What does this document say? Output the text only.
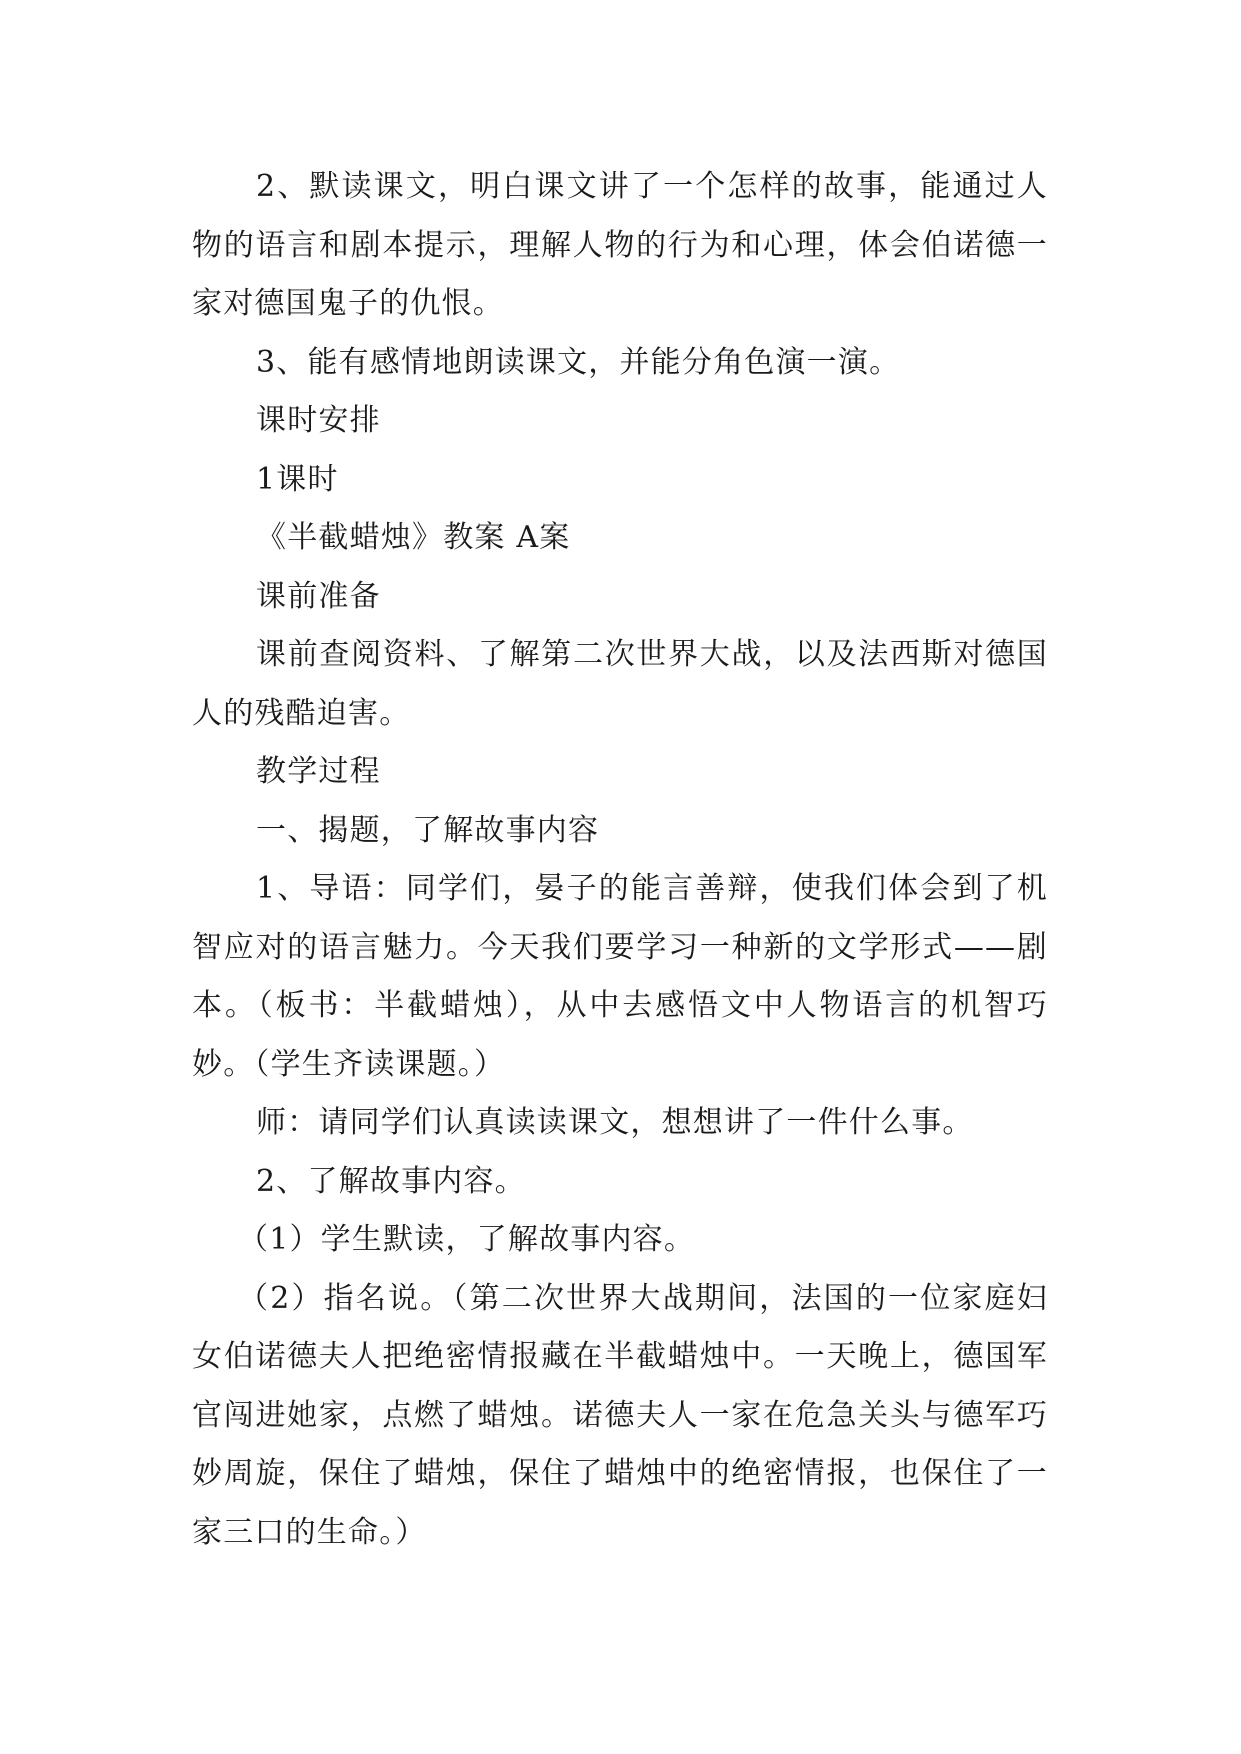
2、默读课文，明白课文讲了一个怎样的故事，能通过人物的语言和剧本提示，理解人物的行为和心理，体会伯诺德一家对德国鬼子的仇恨。

3、能有感情地朗读课文，并能分角色演一演。

课时安排

1课时

《半截蜡烛》教案 A案

课前准备

课前查阅资料、了解第二次世界大战，以及法西斯对德国人的残酷迫害。

教学过程

一、揭题，了解故事内容

1、导语：同学们，晏子的能言善辩，使我们体会到了机智应对的语言魅力。今天我们要学习一种新的文学形式——剧本。（板书：半截蜡烛），从中去感悟文中人物语言的机智巧妙。（学生齐读课题。）

师：请同学们认真读读课文，想想讲了一件什么事。

2、了解故事内容。

（1）学生默读，了解故事内容。

（2）指名说。（第二次世界大战期间，法国的一位家庭妇女伯诺德夫人把绝密情报藏在半截蜡烛中。一天晚上，德国军官闯进她家，点燃了蜡烛。诺德夫人一家在危急关头与德军巧妙周旋，保住了蜡烛，保住了蜡烛中的绝密情报，也保住了一家三口的生命。）
